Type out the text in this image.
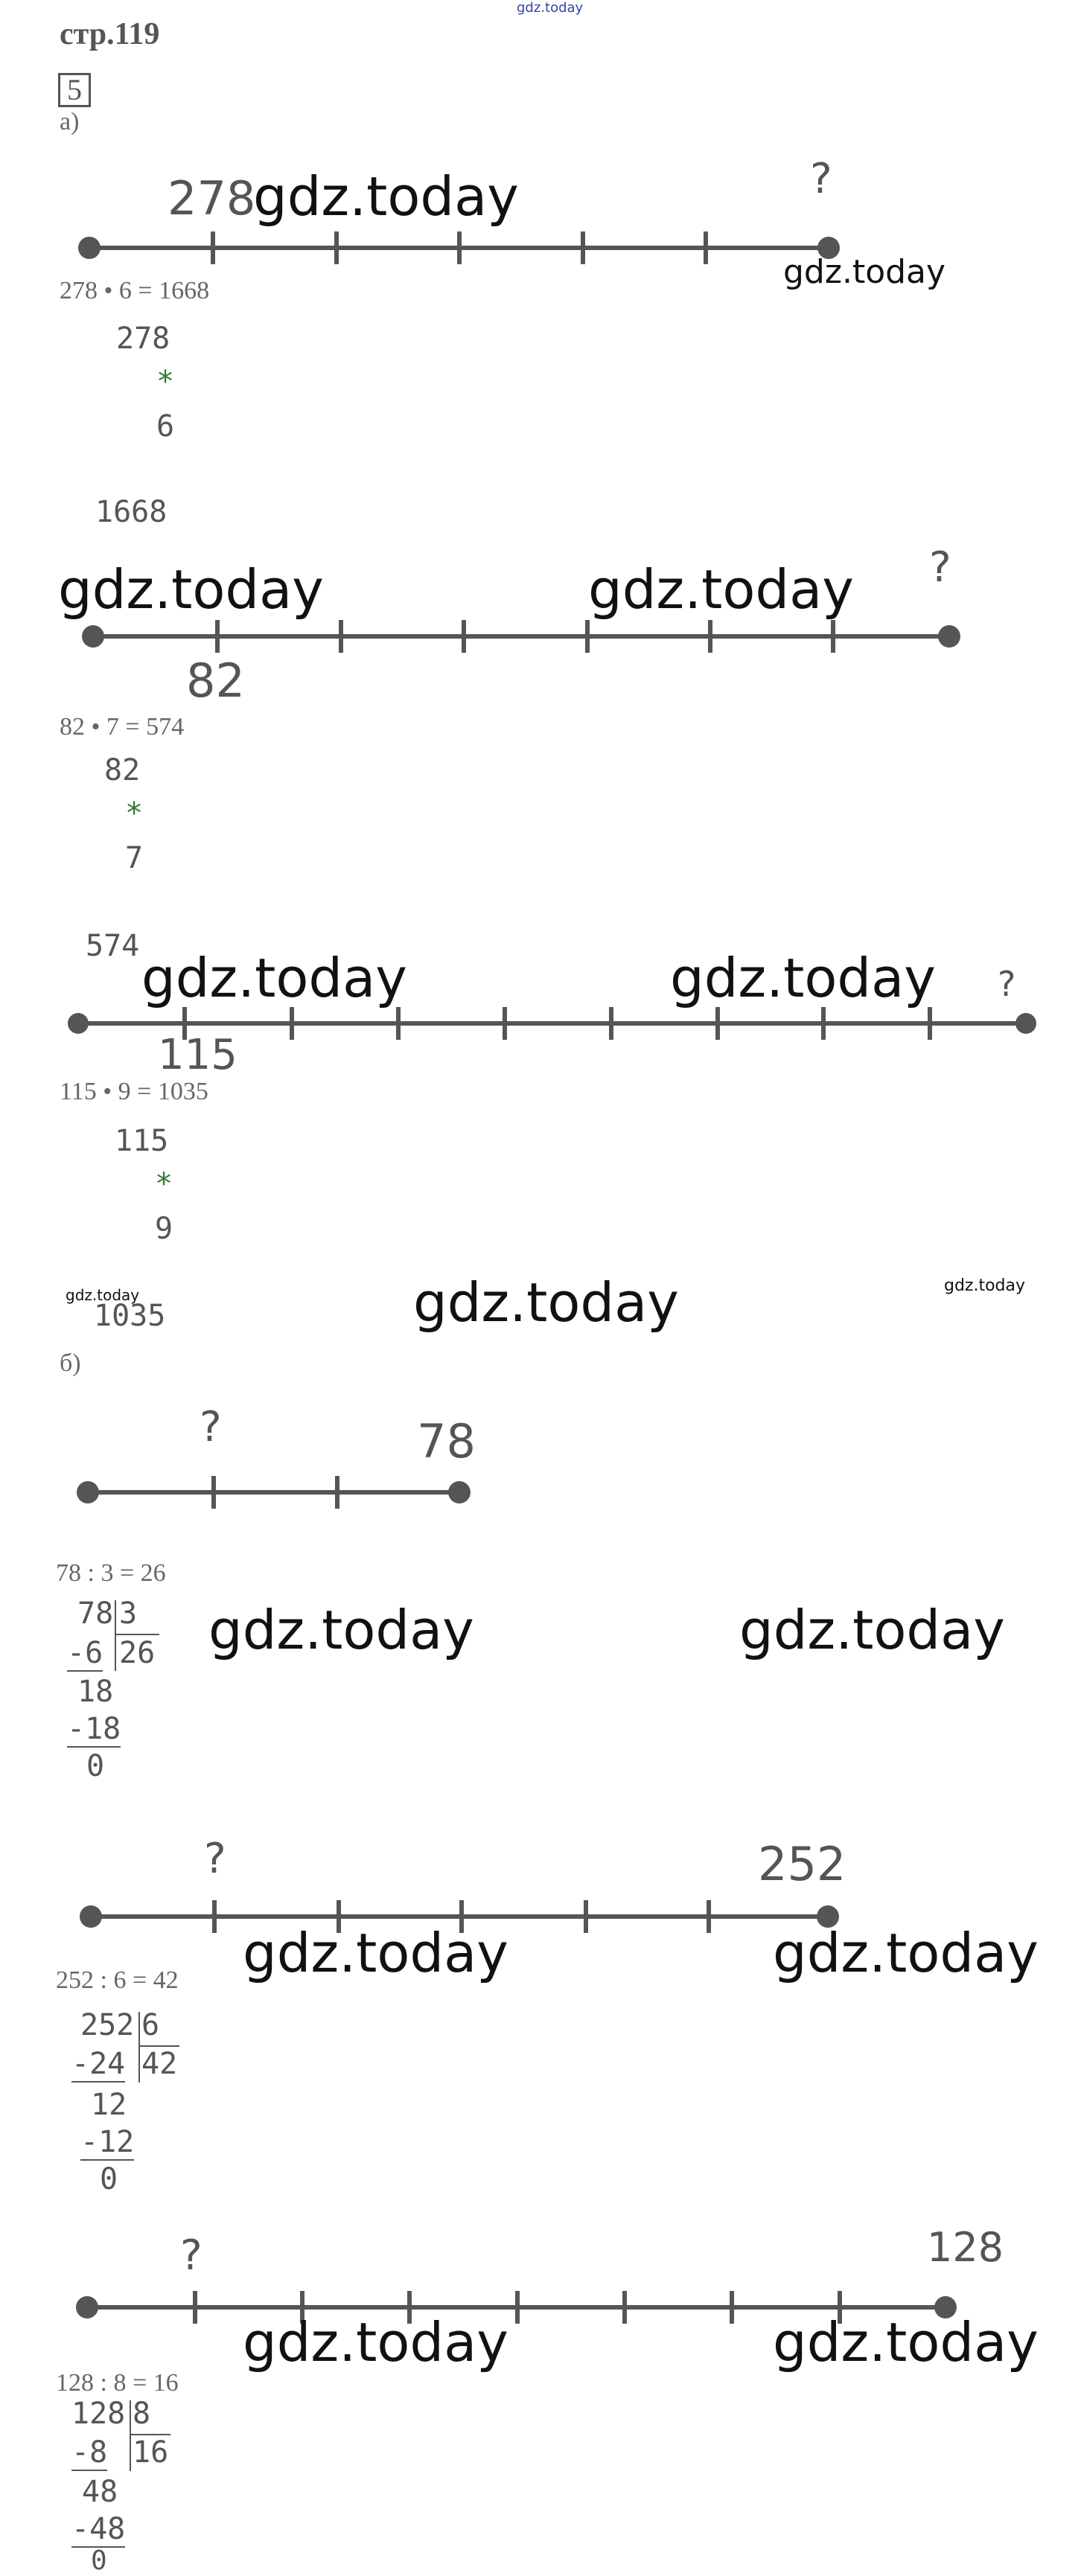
gdz.today
стр.119
5
а)
278
gdz.today	?
gdz.today
278 • 6 = 1668
278
*
6
1668
gdz.today	gdz.today ?
82
82 • 7 = 574
82
*
7
574
gdz.today	gdz.today ?
115
115 • 9 = 1035
115
*
9
gdz.today
1035	gdz.today	gdz.today
б)
?	78
78 : 3 = 26
gdz.today	gdz.today
78 3
26
-6
18
-18
0
?	252
gdz.today	gdz.today
252 : 6 = 42
252 6
42
-24
12
-12
0
?	128
gdz.today	gdz.today
128 : 8 = 16
128 8
16
-8
48
-48
0
